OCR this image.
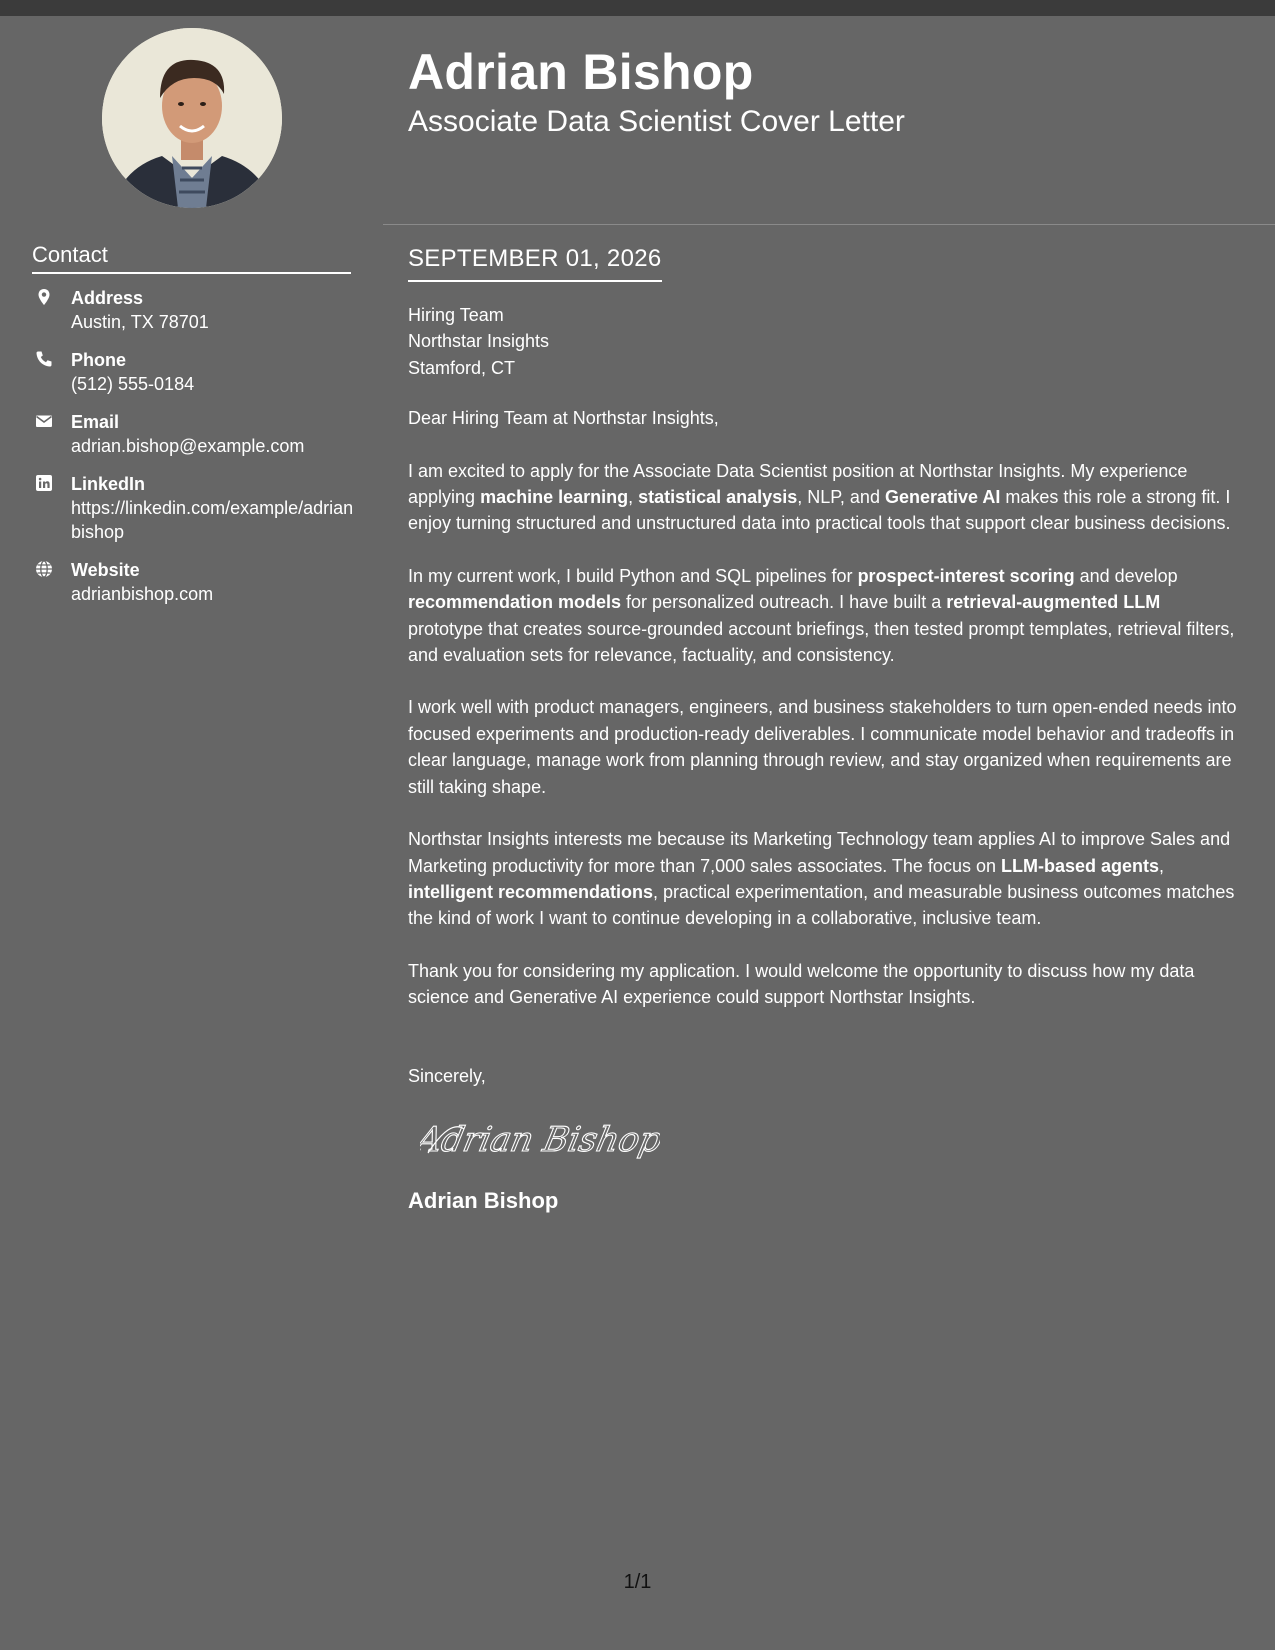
Contact
Address
Austin, TX 78701
Phone
(512) 555-0184
Email
adrian.bishop@example.com
LinkedIn
https://linkedin.com/example/adrianbishop
Website
adrianbishop.com
Adrian Bishop
Associate Data Scientist Cover Letter
SEPTEMBER 01, 2026

Hiring Team

Northstar Insights

Stamford, CT

Dear Hiring Team at Northstar Insights,

I am excited to apply for the Associate Data Scientist position at Northstar Insights. My experience applying machine learning, statistical analysis, NLP, and Generative AI makes this role a strong fit. I enjoy turning structured and unstructured data into practical tools that support clear business decisions.

In my current work, I build Python and SQL pipelines for prospect-interest scoring and develop recommendation models for personalized outreach. I have built a retrieval-augmented LLM prototype that creates source-grounded account briefings, then tested prompt templates, retrieval filters, and evaluation sets for relevance, factuality, and consistency.

I work well with product managers, engineers, and business stakeholders to turn open-ended needs into focused experiments and production-ready deliverables. I communicate model behavior and tradeoffs in clear language, manage work from planning through review, and stay organized when requirements are still taking shape.

Northstar Insights interests me because its Marketing Technology team applies AI to improve Sales and Marketing productivity for more than 7,000 sales associates. The focus on LLM-based agents, intelligent recommendations, practical experimentation, and measurable business outcomes matches the kind of work I want to continue developing in a collaborative, inclusive team.

Thank you for considering my application. I would welcome the opportunity to discuss how my data science and Generative AI experience could support Northstar Insights.

Sincerely,

Adrian Bishop
Adrian Bishop
1/1
